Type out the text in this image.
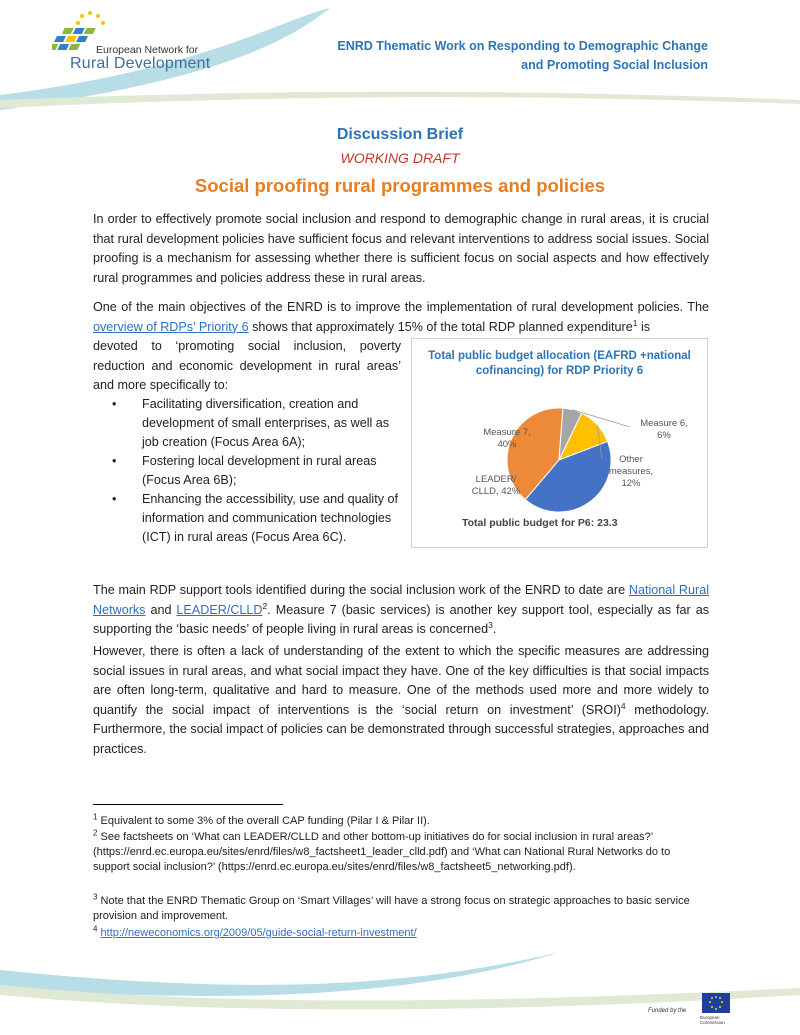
European Network for
Rural Development
ENRD Thematic Work on Responding to Demographic Change
and Promoting Social Inclusion
Discussion Brief
WORKING DRAFT
Social proofing rural programmes and policies

In order to effectively promote social inclusion and respond to demographic change in rural areas, it is crucial that rural development policies have sufficient focus and relevant interventions to address social issues. Social proofing is a mechanism for assessing whether there is sufficient focus on social aspects and how effectively rural programmes and policies address these in rural areas.

One of the main objectives of the ENRD is to improve the implementation of rural development policies. The overview of RDPs’ Priority 6 shows that approximately 15% of the total RDP planned expenditure$^1$ is

devoted to ‘promoting social inclusion, poverty reduction and economic development in rural areas’ and more specifically to:

• Facilitating diversification, creation and development of small enterprises, as well as job creation (Focus Area 6A);
• Fostering local development in rural areas (Focus Area 6B);
• Enhancing the accessibility, use and quality of information and communication technologies (ICT) in rural areas (Focus Area 6C).
Total public budget allocation (EAFRD +national cofinancing) for RDP Priority 6
Measure 7, 40%
Measure 6, 6%
Other measures, 12%
LEADER/ CLLD, 42%
Total public budget for P6: 23.3

The main RDP support tools identified during the social inclusion work of the ENRD to date are National Rural Networks and LEADER/CLLD$^2$. Measure 7 (basic services) is another key support tool, especially as far as supporting the ‘basic needs’ of people living in rural areas is concerned$^3$.

However, there is often a lack of understanding of the extent to which the specific measures are addressing social issues in rural areas, and what social impact they have. One of the key difficulties is that social impacts are often long-term, qualitative and hard to measure. One of the methods used more and more widely to quantify the social impact of interventions is the ‘social return on investment’ (SROI)$^4$ methodology. Furthermore, the social impact of policies can be demonstrated through successful strategies, approaches and practices.

$^1$ Equivalent to some 3% of the overall CAP funding (Pilar I & Pilar II).

$^2$ See factsheets on ‘What can LEADER/CLLD and other bottom-up initiatives do for social inclusion in rural areas?’ (https://enrd.ec.europa.eu/sites/enrd/files/w8_factsheet1_leader_clld.pdf) and ‘What can National Rural Networks do to support social inclusion?’ (https://enrd.ec.europa.eu/sites/enrd/files/w8_factsheet5_networking.pdf).

$^3$ Note that the ENRD Thematic Group on ‘Smart Villages’ will have a strong focus on strategic approaches to basic service provision and improvement.

$^4$ http://neweconomics.org/2009/05/guide-social-return-investment/

Funded by the
European Commission
